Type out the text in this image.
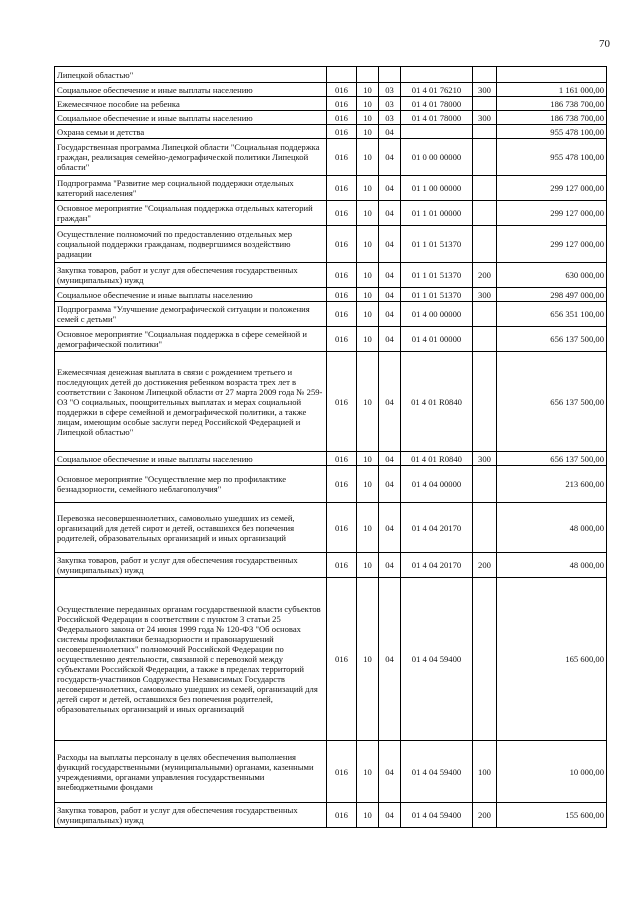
70
Липецкой областью"						
Социальное обеспечение и иные выплаты населению	016	10	03	01 4 01 76210	300	1 161 000,00
Ежемесячное пособие на ребенка	016	10	03	01 4 01 78000		186 738 700,00
Социальное обеспечение и иные выплаты населению	016	10	03	01 4 01 78000	300	186 738 700,00
Охрана семьи и детства	016	10	04			955 478 100,00
Государственная программа Липецкой области "Социальная поддержка граждан, реализация семейно-демографической политики Липецкой области"	016	10	04	01 0 00 00000		955 478 100,00
Подпрограмма "Развитие мер социальной поддержки отдельных категорий населения"	016	10	04	01 1 00 00000		299 127 000,00
Основное мероприятие "Социальная поддержка отдельных категорий граждан"	016	10	04	01 1 01 00000		299 127 000,00
Осуществление полномочий по предоставлению отдельных мер социальной поддержки гражданам, подвергшимся воздействию радиации	016	10	04	01 1 01 51370		299 127 000,00
Закупка товаров, работ и услуг для обеспечения государственных (муниципальных) нужд	016	10	04	01 1 01 51370	200	630 000,00
Социальное обеспечение и иные выплаты населению	016	10	04	01 1 01 51370	300	298 497 000,00
Подпрограмма "Улучшение демографической ситуации и положения семей с детьми"	016	10	04	01 4 00 00000		656 351 100,00
Основное мероприятие "Социальная поддержка в сфере семейной и демографической политики"	016	10	04	01 4 01 00000		656 137 500,00
Ежемесячная денежная выплата в связи с рождением третьего и последующих детей до достижения ребенком возраста трех лет в соответствии с Законом Липецкой области от 27 марта 2009 года № 259-ОЗ "О социальных, поощрительных выплатах и мерах социальной поддержки в сфере семейной и демографической политики, а также лицам, имеющим особые заслуги перед Российской Федерацией и Липецкой областью"	016	10	04	01 4 01 R0840		656 137 500,00
Социальное обеспечение и иные выплаты населению	016	10	04	01 4 01 R0840	300	656 137 500,00
Основное мероприятие "Осуществление мер по профилактике безнадзорности, семейного неблагополучия"	016	10	04	01 4 04 00000		213 600,00
Перевозка несовершеннолетних, самовольно ушедших из семей, организаций для детей сирот и детей, оставшихся без попечения родителей, образовательных организаций и иных организаций	016	10	04	01 4 04 20170		48 000,00
Закупка товаров, работ и услуг для обеспечения государственных (муниципальных) нужд	016	10	04	01 4 04 20170	200	48 000,00
Осуществление переданных органам государственной власти субъектов Российской Федерации в соответствии с пунктом 3 статьи 25 Федерального закона от 24 июня 1999 года № 120-ФЗ "Об основах системы профилактики безнадзорности и правонарушений несовершеннолетних" полномочий Российской Федерации по осуществлению деятельности, связанной с перевозкой между субъектами Российской Федерации, а также в пределах территорий государств-участников Содружества Независимых Государств несовершеннолетних, самовольно ушедших из семей, организаций для детей сирот и детей, оставшихся без попечения родителей, образовательных организаций и иных организаций	016	10	04	01 4 04 59400		165 600,00
Расходы на выплаты персоналу в целях обеспечения выполнения функций государственными (муниципальными) органами, казенными учреждениями, органами управления государственными внебюджетными фондами	016	10	04	01 4 04 59400	100	10 000,00
Закупка товаров, работ и услуг для обеспечения государственных (муниципальных) нужд	016	10	04	01 4 04 59400	200	155 600,00
